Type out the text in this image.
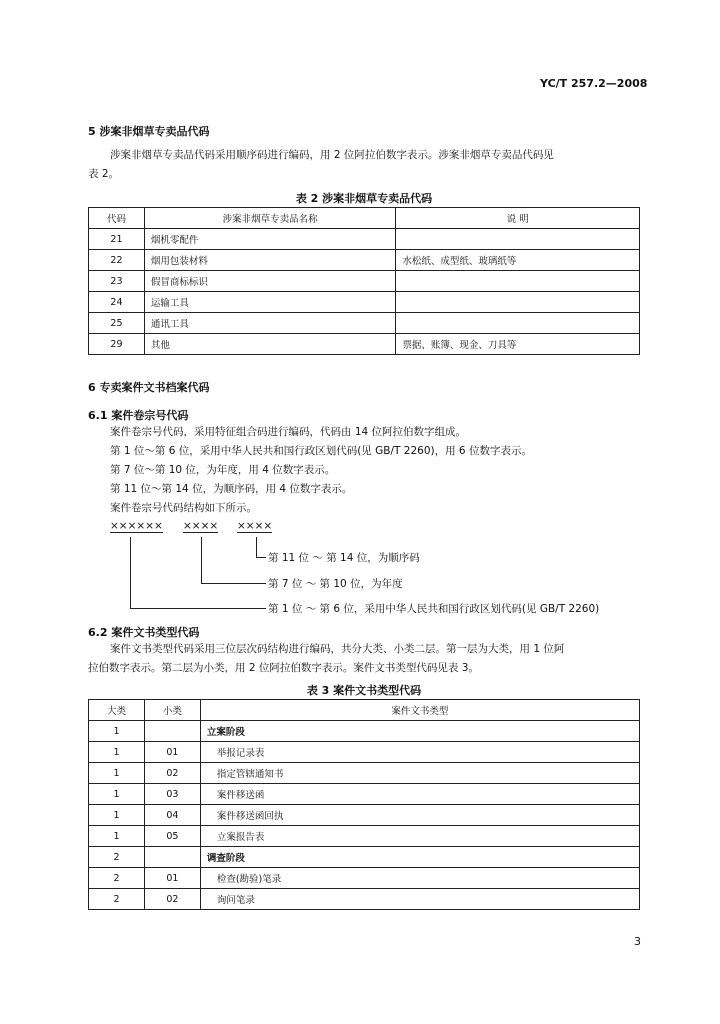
YC/T 257.2—2008
5 涉案非烟草专卖品代码
涉案非烟草专卖品代码采用顺序码进行编码，用 2 位阿拉伯数字表示。涉案非烟草专卖品代码见
表 2。
表 2 涉案非烟草专卖品代码
代码	涉案非烟草专卖品名称	说 明
21	烟机零配件	
22	烟用包装材料	水松纸、成型纸、玻璃纸等
23	假冒商标标识	
24	运输工具	
25	通讯工具	
29	其他	票据、账簿、现金、刀具等
6 专卖案件文书档案代码
6.1 案件卷宗号代码
案件卷宗号代码，采用特征组合码进行编码，代码由 14 位阿拉伯数字组成。
第 1 位～第 6 位，采用中华人民共和国行政区划代码(见 GB/T 2260)，用 6 位数字表示。
第 7 位～第 10 位，为年度，用 4 位数字表示。
第 11 位～第 14 位，为顺序码，用 4 位数字表示。
案件卷宗号代码结构如下所示。
×××××× ×××× ××××
第 11 位 ～ 第 14 位，为顺序码
第 7 位 ～ 第 10 位，为年度
第 1 位 ～ 第 6 位，采用中华人民共和国行政区划代码(见 GB/T 2260)
6.2 案件文书类型代码
案件文书类型代码采用三位层次码结构进行编码，共分大类、小类二层。第一层为大类，用 1 位阿
拉伯数字表示。第二层为小类，用 2 位阿拉伯数字表示。案件文书类型代码见表 3。
表 3 案件文书类型代码
大类	小类	案件文书类型
1		立案阶段
1	01	举报记录表
1	02	指定管辖通知书
1	03	案件移送函
1	04	案件移送函回执
1	05	立案报告表
2		调查阶段
2	01	检查(勘验)笔录
2	02	询问笔录
3
